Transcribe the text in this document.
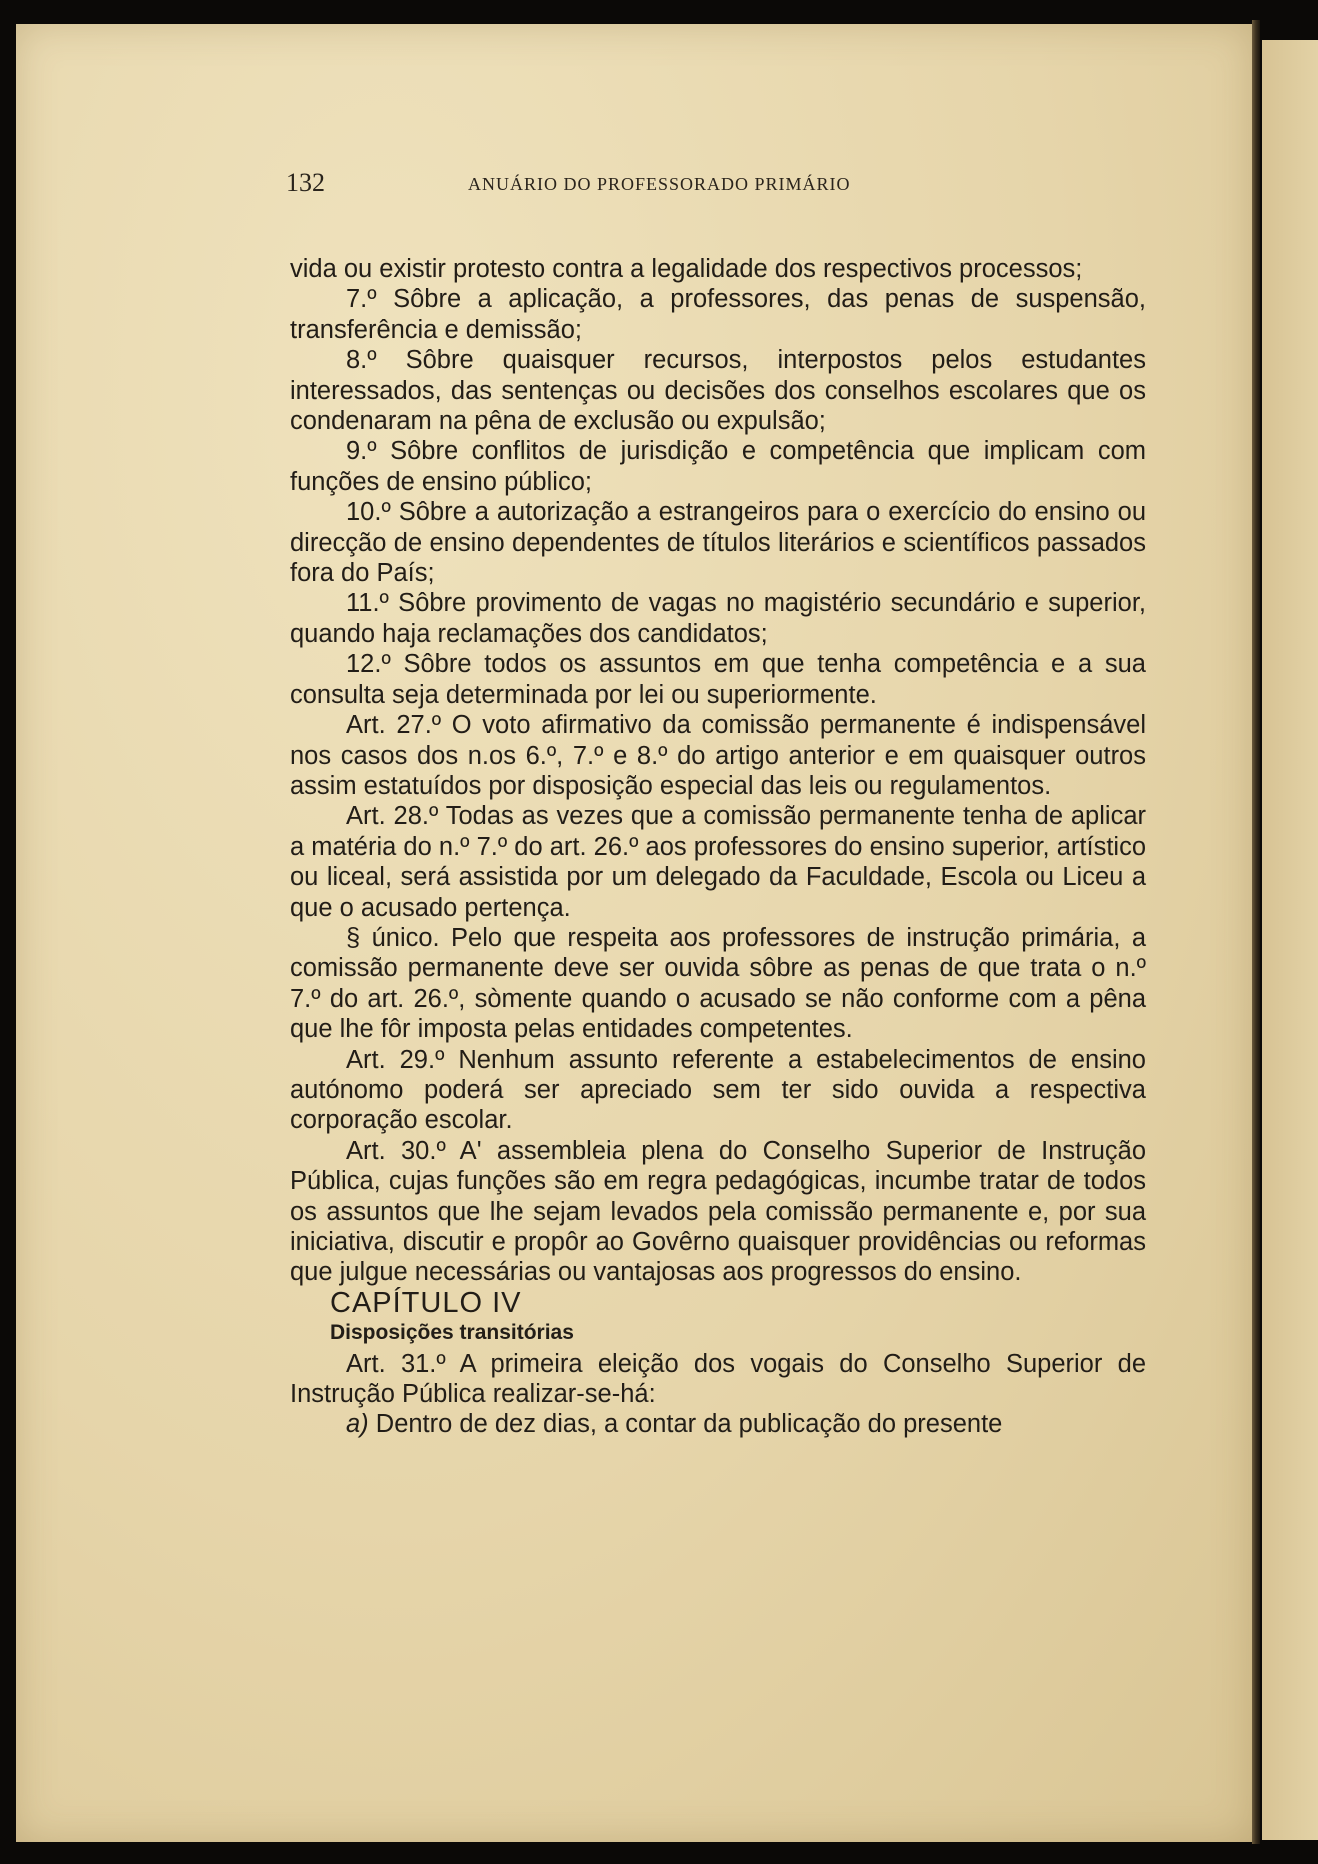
132	ANUÁRIO DO PROFESSORADO PRIMÁRIO

vida ou existir protesto contra a legalidade dos respectivos processos;

7.º Sôbre a aplicação, a professores, das penas de suspensão, transferência e demissão;

8.º Sôbre quaisquer recursos, interpostos pelos estudantes interessados, das sentenças ou decisões dos conselhos escolares que os condenaram na pêna de exclusão ou expulsão;

9.º Sôbre conflitos de jurisdição e competência que implicam com funções de ensino público;

10.º Sôbre a autorização a estrangeiros para o exercício do ensino ou direcção de ensino dependentes de títulos literários e scientíficos passados fora do País;

11.º Sôbre provimento de vagas no magistério secundário e superior, quando haja reclamações dos candidatos;

12.º Sôbre todos os assuntos em que tenha competência e a sua consulta seja determinada por lei ou superiormente.

Art. 27.º O voto afirmativo da comissão permanente é indispensável nos casos dos n.os 6.º, 7.º e 8.º do artigo anterior e em quaisquer outros assim estatuídos por disposição especial das leis ou regulamentos.

Art. 28.º Todas as vezes que a comissão permanente tenha de aplicar a matéria do n.º 7.º do art. 26.º aos professores do ensino superior, artístico ou liceal, será assistida por um delegado da Faculdade, Escola ou Liceu a que o acusado pertença.

§ único. Pelo que respeita aos professores de instrução primária, a comissão permanente deve ser ouvida sôbre as penas de que trata o n.º 7.º do art. 26.º, sòmente quando o acusado se não conforme com a pêna que lhe fôr imposta pelas entidades competentes.

Art. 29.º Nenhum assunto referente a estabelecimentos de ensino autónomo poderá ser apreciado sem ter sido ouvida a respectiva corporação escolar.

Art. 30.º A' assembleia plena do Conselho Superior de Instrução Pública, cujas funções são em regra pedagógicas, incumbe tratar de todos os assuntos que lhe sejam levados pela comissão permanente e, por sua iniciativa, discutir e propôr ao Govêrno quaisquer providências ou reformas que julgue necessárias ou vantajosas aos progressos do ensino.

CAPÍTULO IV

Disposições transitórias

Art. 31.º A primeira eleição dos vogais do Conselho Superior de Instrução Pública realizar-se-há:

a) Dentro de dez dias, a contar da publicação do presente
